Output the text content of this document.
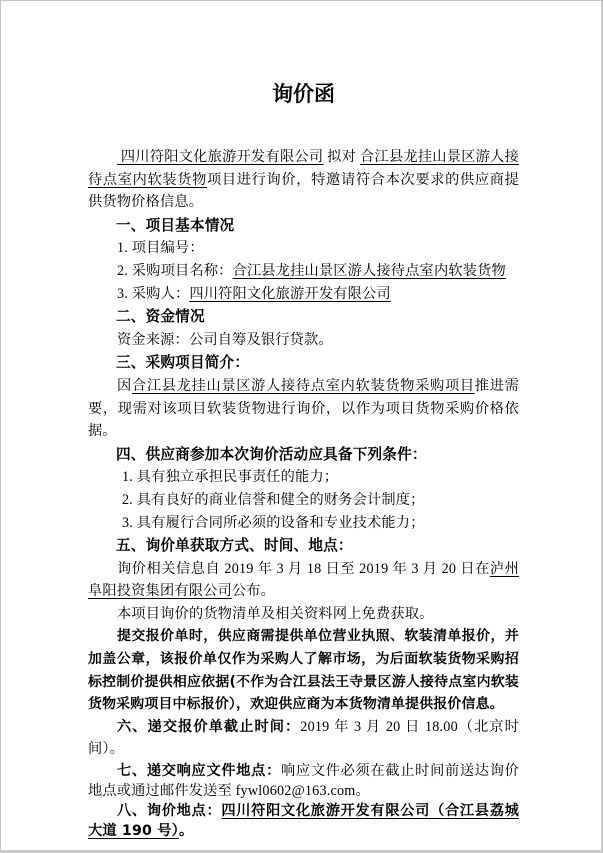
询价函

四川符阳文化旅游开发有限公司 拟对 合江县龙挂山景区游人接待点室内软装货物项目进行询价，特邀请符合本次要求的供应商提供货物价格信息。

一、项目基本情况

1. 项目编号：

2. 采购项目名称：合江县龙挂山景区游人接待点室内软装货物

3. 采购人：四川符阳文化旅游开发有限公司

二、资金情况

资金来源：公司自筹及银行贷款。

三、采购项目简介：

因合江县龙挂山景区游人接待点室内软装货物采购项目推进需要，现需对该项目软装货物进行询价，以作为项目货物采购价格依据。

四、供应商参加本次询价活动应具备下列条件：

1. 具有独立承担民事责任的能力；

2. 具有良好的商业信誉和健全的财务会计制度；

3. 具有履行合同所必须的设备和专业技术能力；

五、询价单获取方式、时间、地点：

询价相关信息自 2019 年 3 月 18 日至 2019 年 3 月 20 日在泸州阜阳投资集团有限公司公布。

本项目询价的货物清单及相关资料网上免费获取。

提交报价单时，供应商需提供单位营业执照、软装清单报价，并加盖公章，该报价单仅作为采购人了解市场，为后面软装货物采购招标控制价提供相应依据(不作为合江县法王寺景区游人接待点室内软装货物采购项目中标报价），欢迎供应商为本货物清单提供报价信息。

六、递交报价单截止时间：2019 年 3 月 20 日 18.00（北京时间）。

七、递交响应文件地点：响应文件必须在截止时间前送达询价地点或通过邮件发送至 fywl0602@163.com。

八、询价地点：四川符阳文化旅游开发有限公司（合江县荔城大道 190 号）。
